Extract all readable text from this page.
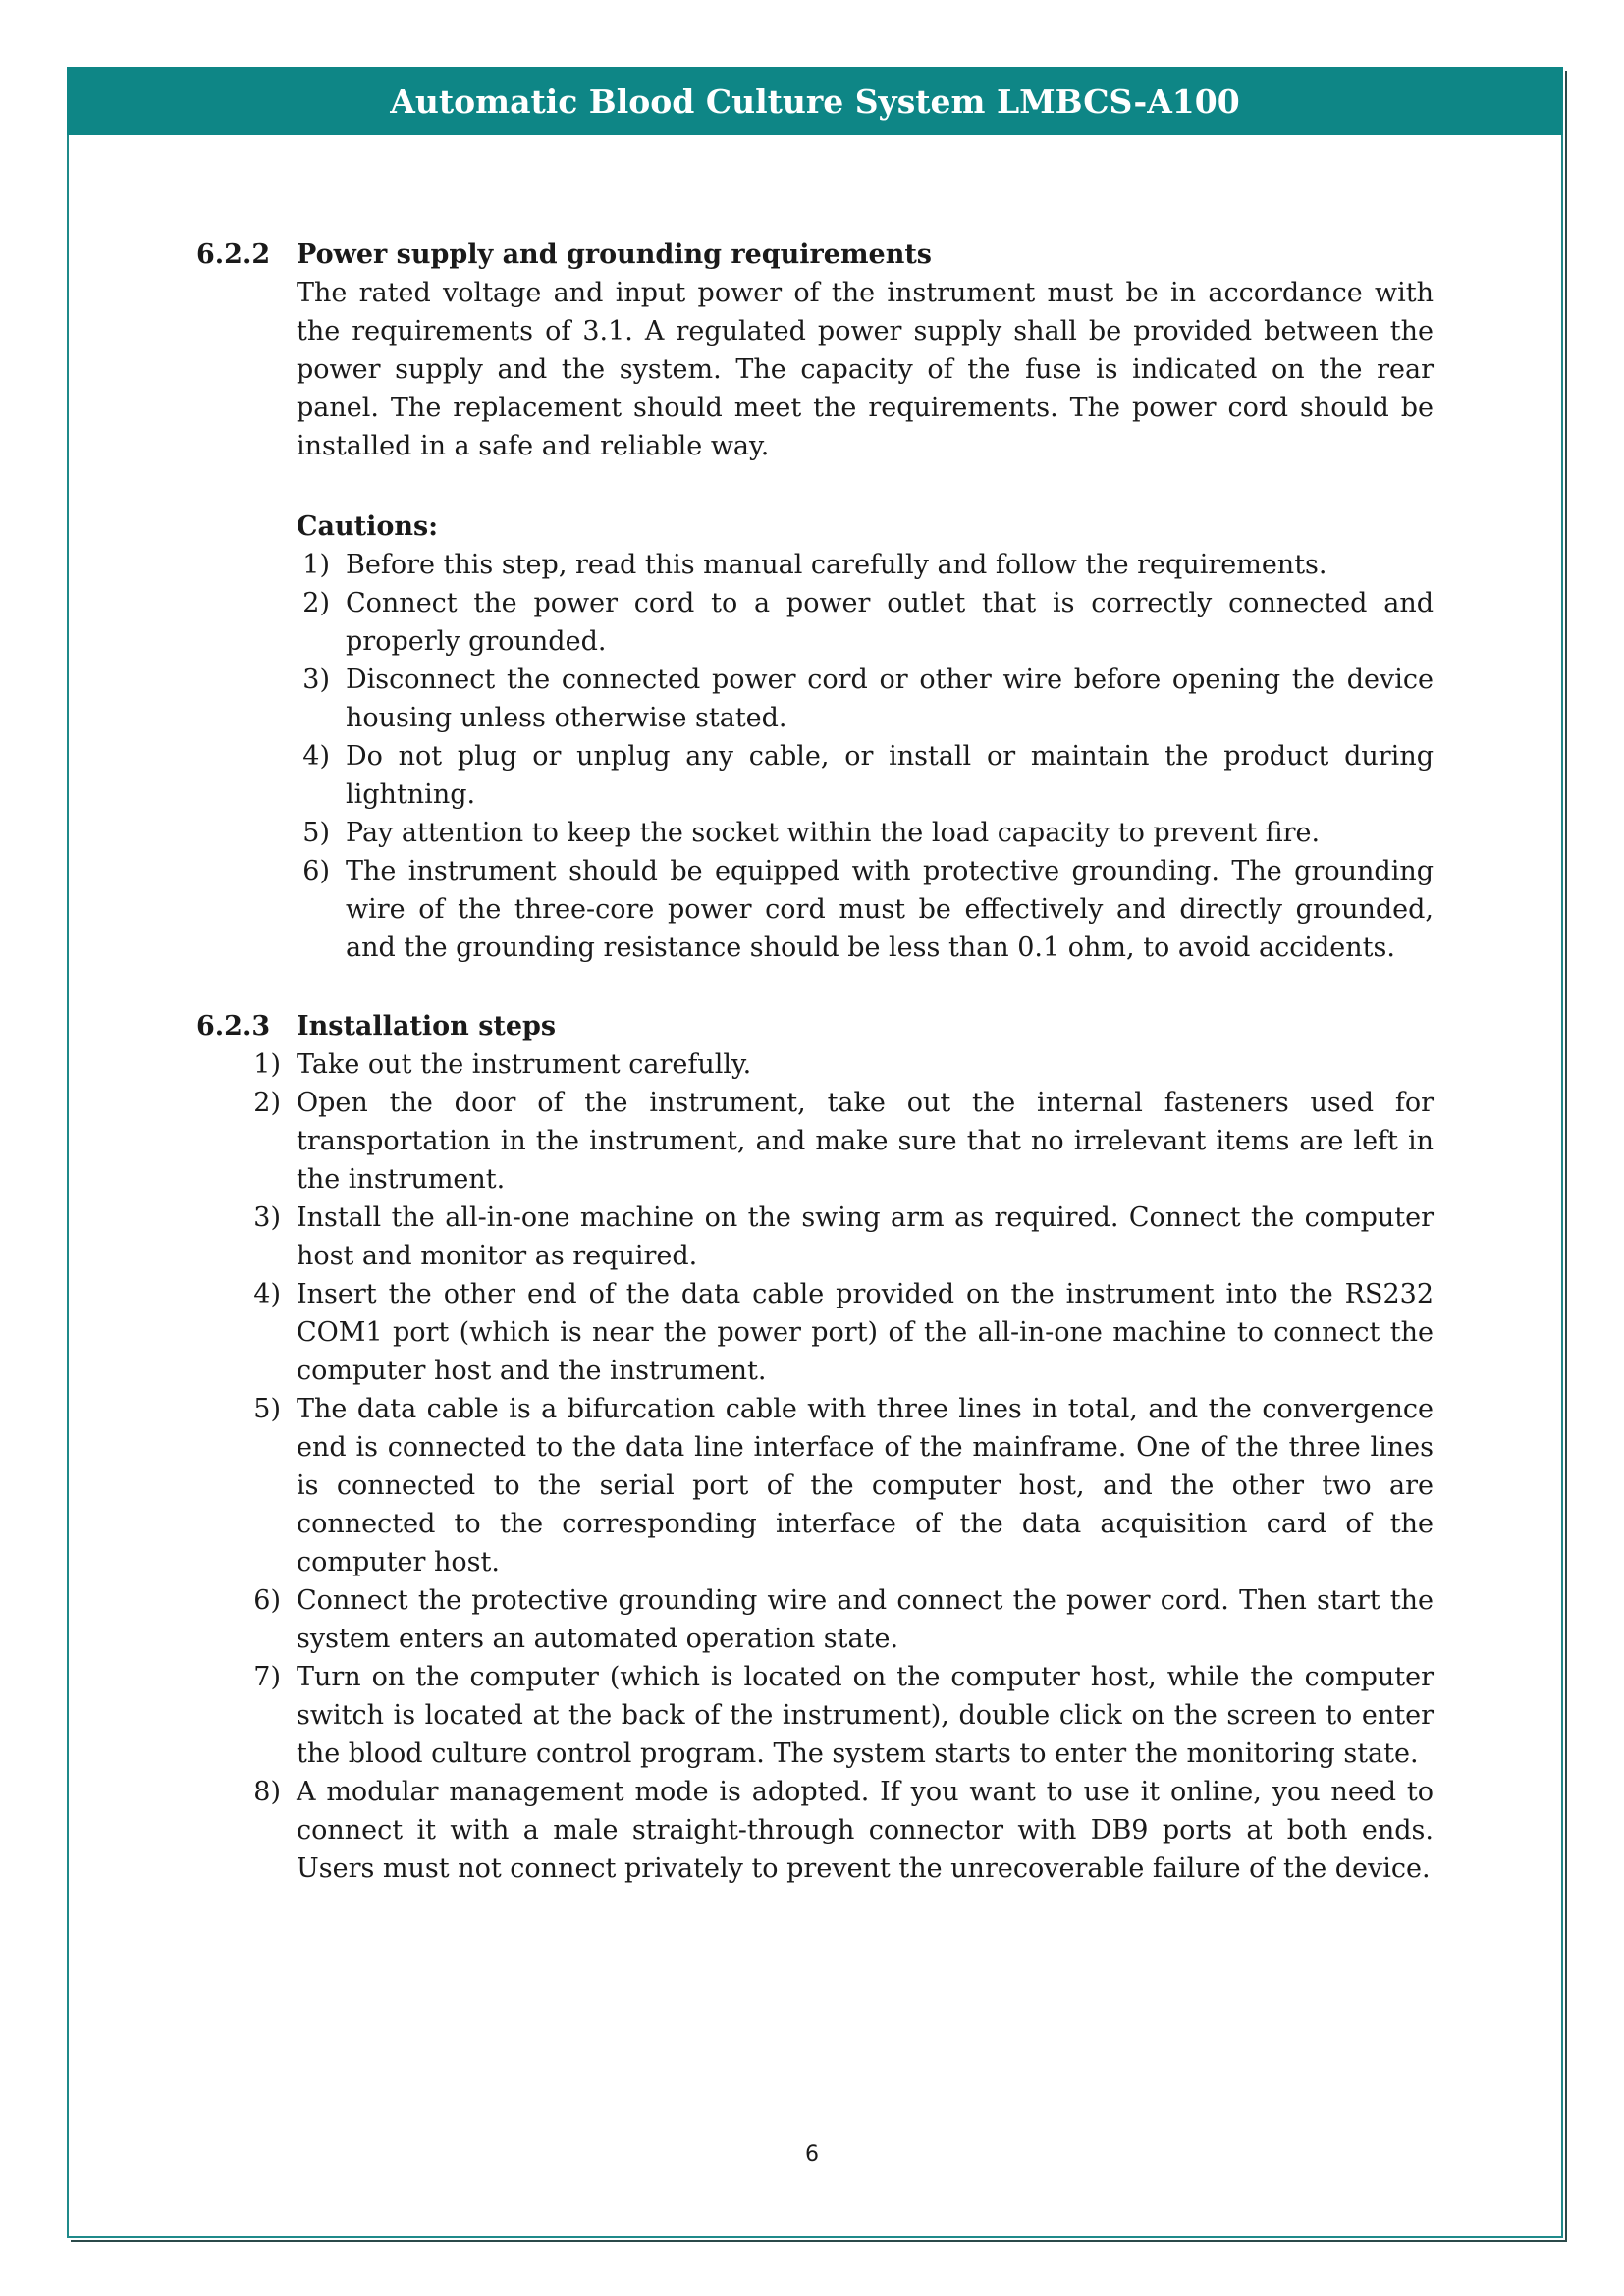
Automatic Blood Culture System LMBCS-A100
6.2.2 Power supply and grounding requirements
The rated voltage and input power of the instrument must be in accordance with the requirements of 3.1. A regulated power supply shall be provided between the power supply and the system. The capacity of the fuse is indicated on the rear panel. The replacement should meet the requirements. The power cord should be installed in a safe and reliable way.
Cautions:
1) Before this step, read this manual carefully and follow the requirements.
2) Connect the power cord to a power outlet that is correctly connected and properly grounded.
3) Disconnect the connected power cord or other wire before opening the device housing unless otherwise stated.
4) Do not plug or unplug any cable, or install or maintain the product during lightning.
5) Pay attention to keep the socket within the load capacity to prevent fire.
6) The instrument should be equipped with protective grounding. The grounding wire of the three-core power cord must be effectively and directly grounded, and the grounding resistance should be less than 0.1 ohm, to avoid accidents.
6.2.3 Installation steps
1) Take out the instrument carefully.
2) Open the door of the instrument, take out the internal fasteners used for transportation in the instrument, and make sure that no irrelevant items are left in the instrument.
3) Install the all-in-one machine on the swing arm as required. Connect the computer host and monitor as required.
4) Insert the other end of the data cable provided on the instrument into the RS232 COM1 port (which is near the power port) of the all-in-one machine to connect the computer host and the instrument.
5) The data cable is a bifurcation cable with three lines in total, and the convergence end is connected to the data line interface of the mainframe. One of the three lines is connected to the serial port of the computer host, and the other two are connected to the corresponding interface of the data acquisition card of the computer host.
6) Connect the protective grounding wire and connect the power cord. Then start the system enters an automated operation state.
7) Turn on the computer (which is located on the computer host, while the computer switch is located at the back of the instrument), double click on the screen to enter the blood culture control program. The system starts to enter the monitoring state.
8) A modular management mode is adopted. If you want to use it online, you need to connect it with a male straight-through connector with DB9 ports at both ends. Users must not connect privately to prevent the unrecoverable failure of the device.
6
